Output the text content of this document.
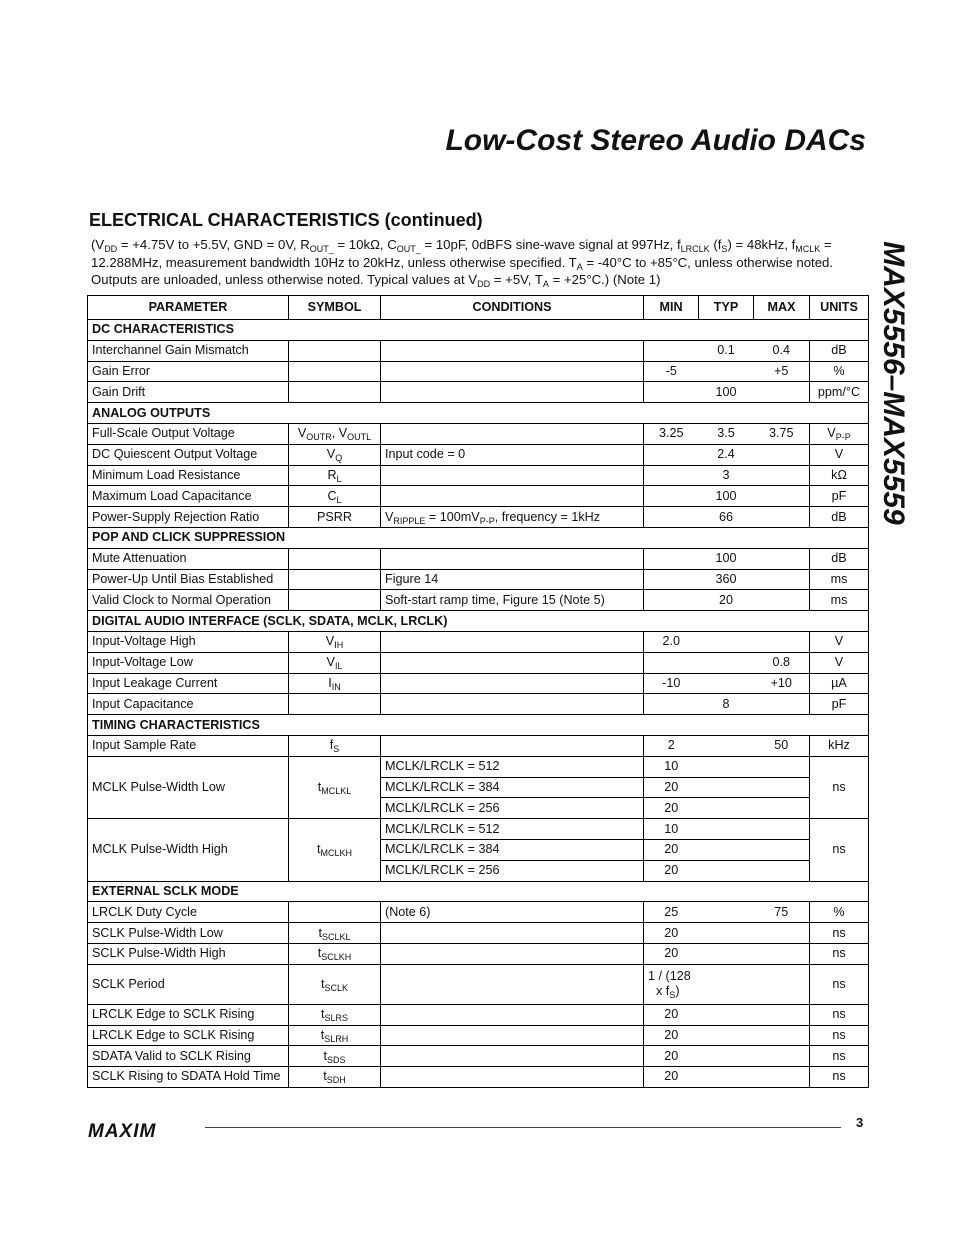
Low-Cost Stereo Audio DACs
MAX5556–MAX5559
ELECTRICAL CHARACTERISTICS (continued)
($V_{DD} = +4.75V$ to +5.5V, GND = 0V, $R_{OUT\_} = 10k\Omega$, $C_{OUT\_} = 10pF$, 0dBFS sine-wave signal at 997Hz, $f_{LRCLK}$ $(f_S) = 48kHz$, $f_{MCLK}$ =
12.288MHz, measurement bandwidth 10Hz to 20kHz, unless otherwise specified. $T_A = -40^\circ C$ to +85°C, unless otherwise noted.
Outputs are unloaded, unless otherwise noted. Typical values at $V_{DD} = +5V$, $T_A = +25^\circ C$.) (Note 1)
PARAMETER	SYMBOL	CONDITIONS	MIN	TYP	MAX	UNITS
DC CHARACTERISTICS						
Interchannel Gain Mismatch				0.1	0.4	dB
Gain Error			-5		+5	%
Gain Drift				100		ppm/°C
ANALOG OUTPUTS						
Full-Scale Output Voltage	$V_{OUTR}$, $V_{OUTL}$		3.25	3.5	3.75	$V_{P-P}$
DC Quiescent Output Voltage	$V_Q$	Input code = 0		2.4		V
Minimum Load Resistance	$R_L$			3		kΩ
Maximum Load Capacitance	$C_L$			100		pF
Power-Supply Rejection Ratio	PSRR	$V_{RIPPLE} = 100mV_{P-P}$, frequency = 1kHz		66		dB
POP AND CLICK SUPPRESSION						
Mute Attenuation				100		dB
Power-Up Until Bias Established		Figure 14		360		ms
Valid Clock to Normal Operation		Soft-start ramp time, Figure 15 (Note 5)		20		ms
DIGITAL AUDIO INTERFACE (SCLK, SDATA, MCLK, LRCLK)						
Input-Voltage High	$V_{IH}$		2.0			V
Input-Voltage Low	$V_{IL}$				0.8	V
Input Leakage Current	$I_{IN}$		-10		+10	µA
Input Capacitance				8		pF
TIMING CHARACTERISTICS						
Input Sample Rate	$f_S$		2		50	kHz
MCLK Pulse-Width Low	$t_{MCLKL}$	MCLK/LRCLK = 512	10			ns
		MCLK/LRCLK = 384	20			
		MCLK/LRCLK = 256	20			
MCLK Pulse-Width High	$t_{MCLKH}$	MCLK/LRCLK = 512	10			ns
		MCLK/LRCLK = 384	20			
		MCLK/LRCLK = 256	20			
EXTERNAL SCLK MODE						
LRCLK Duty Cycle		(Note 6)	25		75	%
SCLK Pulse-Width Low	$t_{SCLKL}$		20			ns
SCLK Pulse-Width High	$t_{SCLKH}$		20			ns
SCLK Period	$t_{SCLK}$		1 / (128
x $f_S$)			ns
LRCLK Edge to SCLK Rising	$t_{SLRS}$		20			ns
LRCLK Edge to SCLK Rising	$t_{SLRH}$		20			ns
SDATA Valid to SCLK Rising	$t_{SDS}$		20			ns
SCLK Rising to SDATA Hold Time	$t_{SDH}$		20			ns
MAXIM	3
